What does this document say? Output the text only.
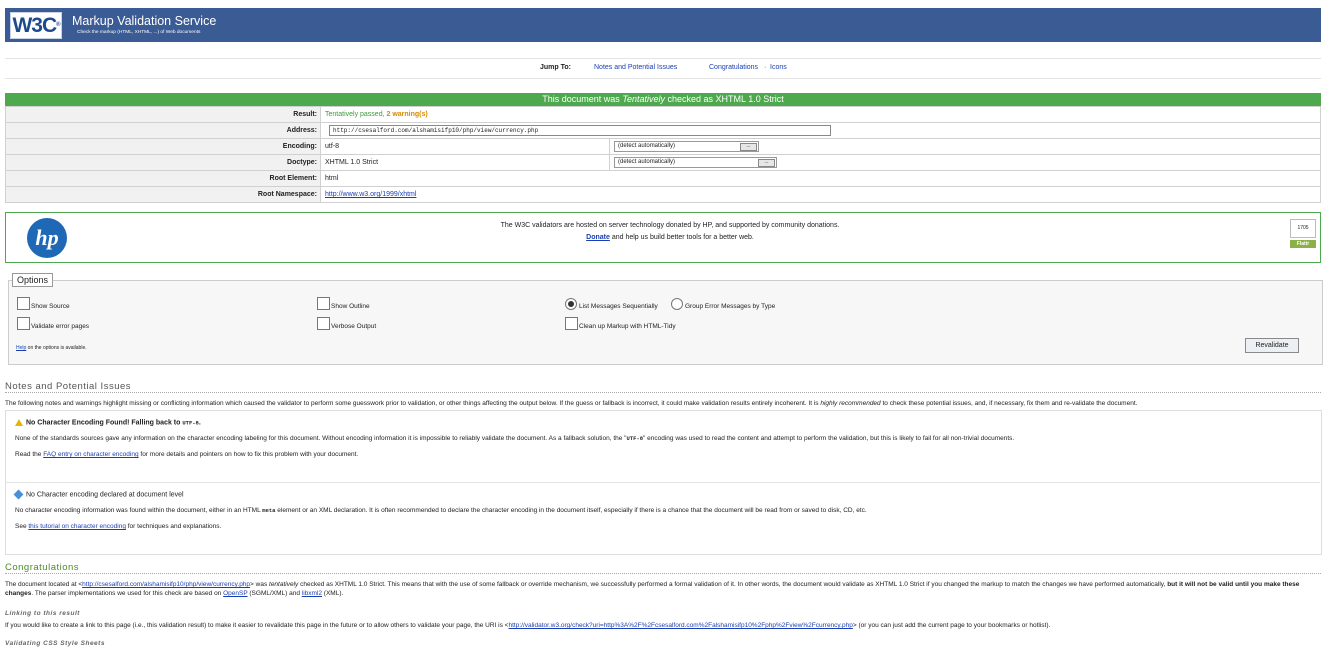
W3C® Markup Validation Service
Check the markup (HTML, XHTML, ...) of Web documents
Jump To:	Notes and Potential Issues	Congratulations · Icons
This document was Tentatively checked as XHTML 1.0 Strict
Result:	Tentatively passed, 2 warning(s)	
Address:	http://csesalford.com/alshamisifp10/php/view/currency.php	
Encoding:	utf-8	(detect automatically) ...

Doctype:	XHTML 1.0 Strict	(detect automatically) ...

Root Element:	html	
Root Namespace:	http://www.w3.org/1999/xhtml	
hp	The W3C validators are hosted on server technology donated by HP, and supported by community donations.
Donate and help us build better tools for a better web.
1705
Flattr
Options
Show Source	Show Outline	List Messages Sequentially	Group Error Messages by Type
Validate error pages	Verbose Output	Clean up Markup with HTML-Tidy
Help on the options is available.	Revalidate
Notes and Potential Issues
The following notes and warnings highlight missing or conflicting information which caused the validator to perform some guesswork prior to validation, or other things affecting the output below. If the guess or fallback is incorrect, it could make validation results entirely incoherent. It is highly recommended to check these potential issues, and, if necessary, fix them and re-validate the document.
No Character Encoding Found! Falling back to UTF-8.
None of the standards sources gave any information on the character encoding labeling for this document. Without encoding information it is impossible to reliably validate the document. As a fallback solution, the "UTF-8" encoding was used to read the content and attempt to perform the validation, but this is likely to fail for all non-trivial documents.
Read the FAQ entry on character encoding for more details and pointers on how to fix this problem with your document.
No Character encoding declared at document level
No character encoding information was found within the document, either in an HTML meta element or an XML declaration. It is often recommended to declare the character encoding in the document itself, especially if there is a chance that the document will be read from or saved to disk, CD, etc.
See this tutorial on character encoding for techniques and explanations.
Congratulations
The document located at <http://csesalford.com/alshamisifp10/php/view/currency.php> was tentatively checked as XHTML 1.0 Strict. This means that with the use of some fallback or override mechanism, we successfully performed a formal validation of it. In other words, the document would validate as XHTML 1.0 Strict if you changed the markup to match the changes we have performed automatically, but it will not be valid until you make these changes. The parser implementations we used for this check are based on OpenSP (SGML/XML) and libxml2 (XML).
Linking to this result
If you would like to create a link to this page (i.e., this validation result) to make it easier to revalidate this page in the future or to allow others to validate your page, the URI is <http://validator.w3.org/check?uri=http%3A%2F%2Fcsesalford.com%2Falshamisifp10%2Fphp%2Fview%2Fcurrency.php> (or you can just add the current page to your bookmarks or hotlist).
Validating CSS Style Sheets
